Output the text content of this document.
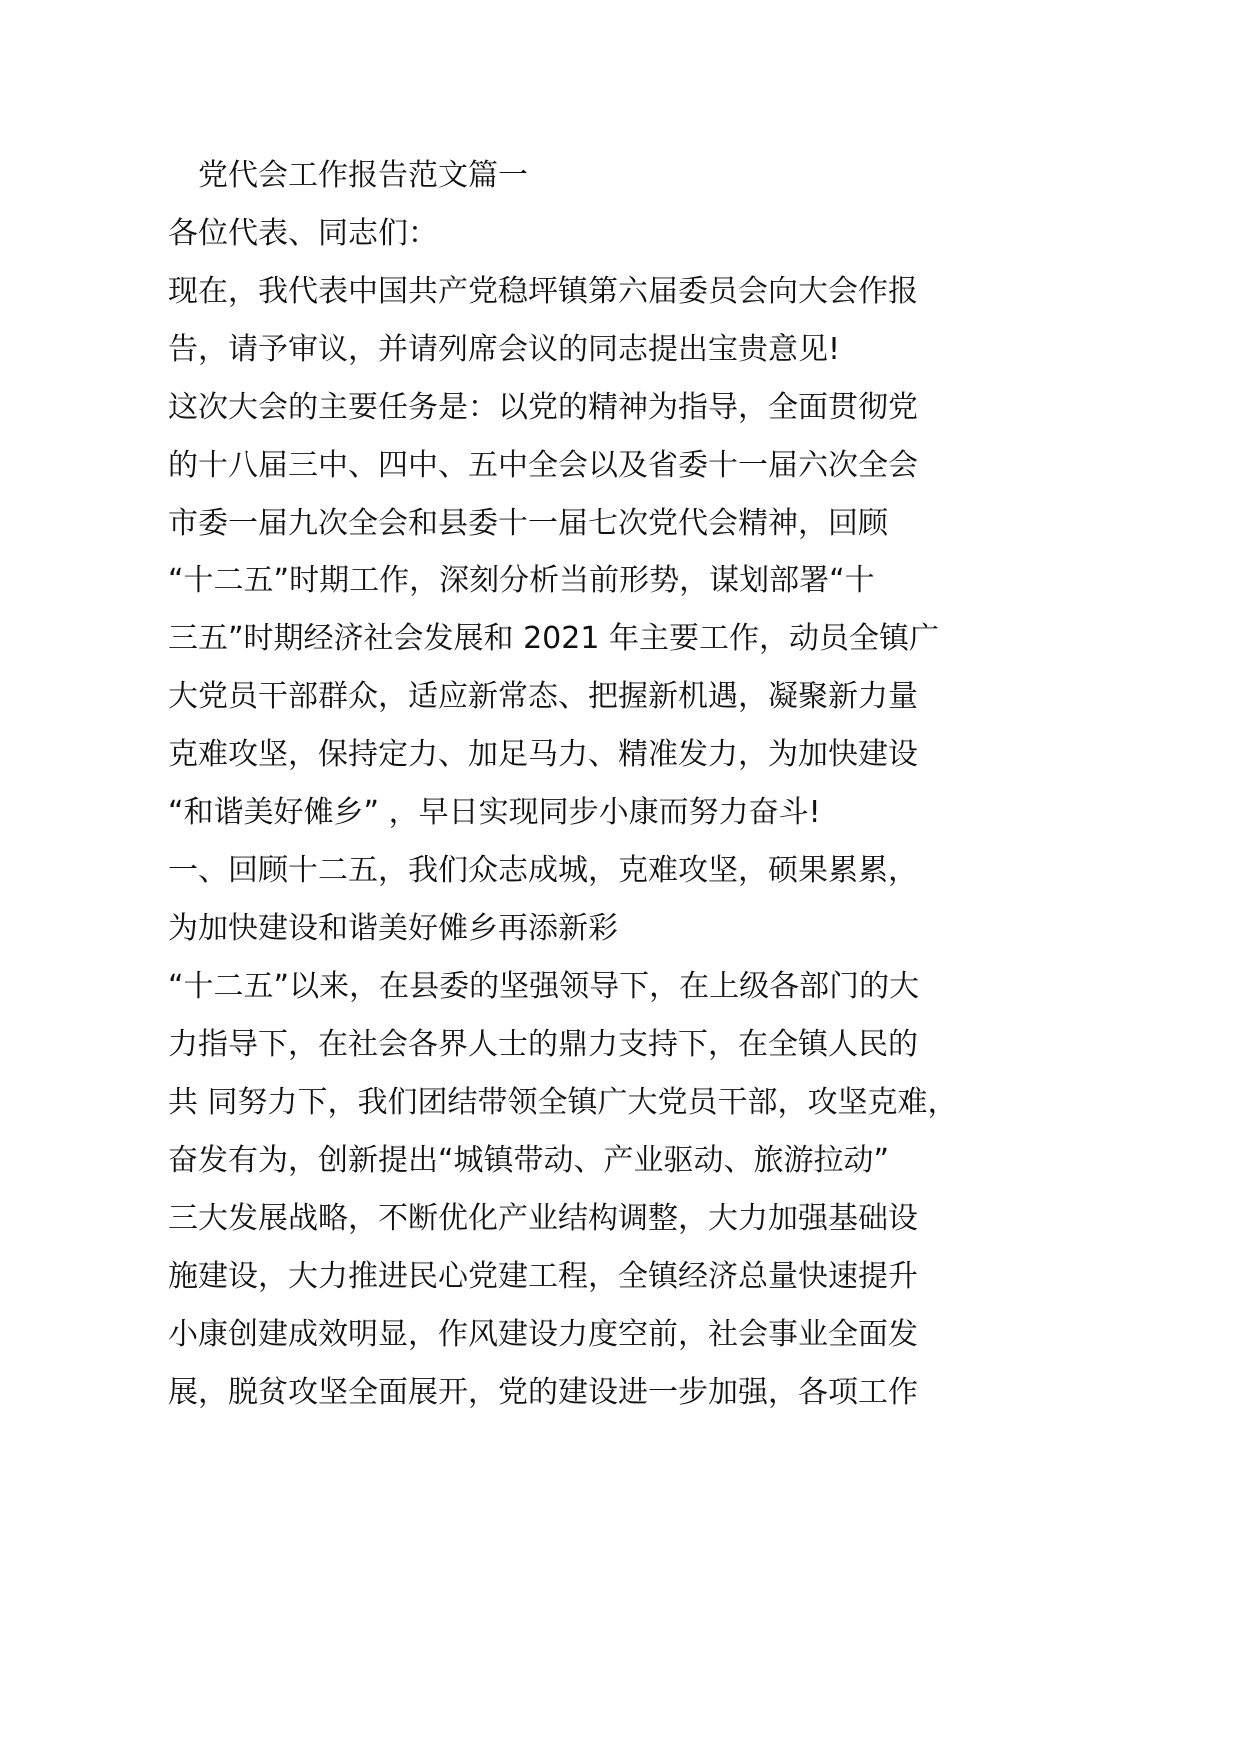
党代会工作报告范文篇一
各位代表、同志们：
现在，我代表中国共产党稳坪镇第六届委员会向大会作报
告，请予审议，并请列席会议的同志提出宝贵意见!
这次大会的主要任务是：以党的精神为指导，全面贯彻党
的十八届三中、四中、五中全会以及省委十一届六次全会
市委一届九次全会和县委十一届七次党代会精神，回顾
“十二五”时期工作，深刻分析当前形势，谋划部署“十
三五”时期经济社会发展和 2021 年主要工作，动员全镇广
大党员干部群众，适应新常态、把握新机遇，凝聚新力量
克难攻坚，保持定力、加足马力、精准发力，为加快建设
“和谐美好傩乡” ，早日实现同步小康而努力奋斗!
一、回顾十二五，我们众志成城，克难攻坚，硕果累累，
为加快建设和谐美好傩乡再添新彩
“十二五”以来，在县委的坚强领导下，在上级各部门的大
力指导下，在社会各界人士的鼎力支持下，在全镇人民的
共 同努力下，我们团结带领全镇广大党员干部，攻坚克难，
奋发有为，创新提出“城镇带动、产业驱动、旅游拉动”
三大发展战略，不断优化产业结构调整，大力加强基础设
施建设，大力推进民心党建工程，全镇经济总量快速提升
小康创建成效明显，作风建设力度空前，社会事业全面发
展，脱贫攻坚全面展开，党的建设进一步加强，各项工作
